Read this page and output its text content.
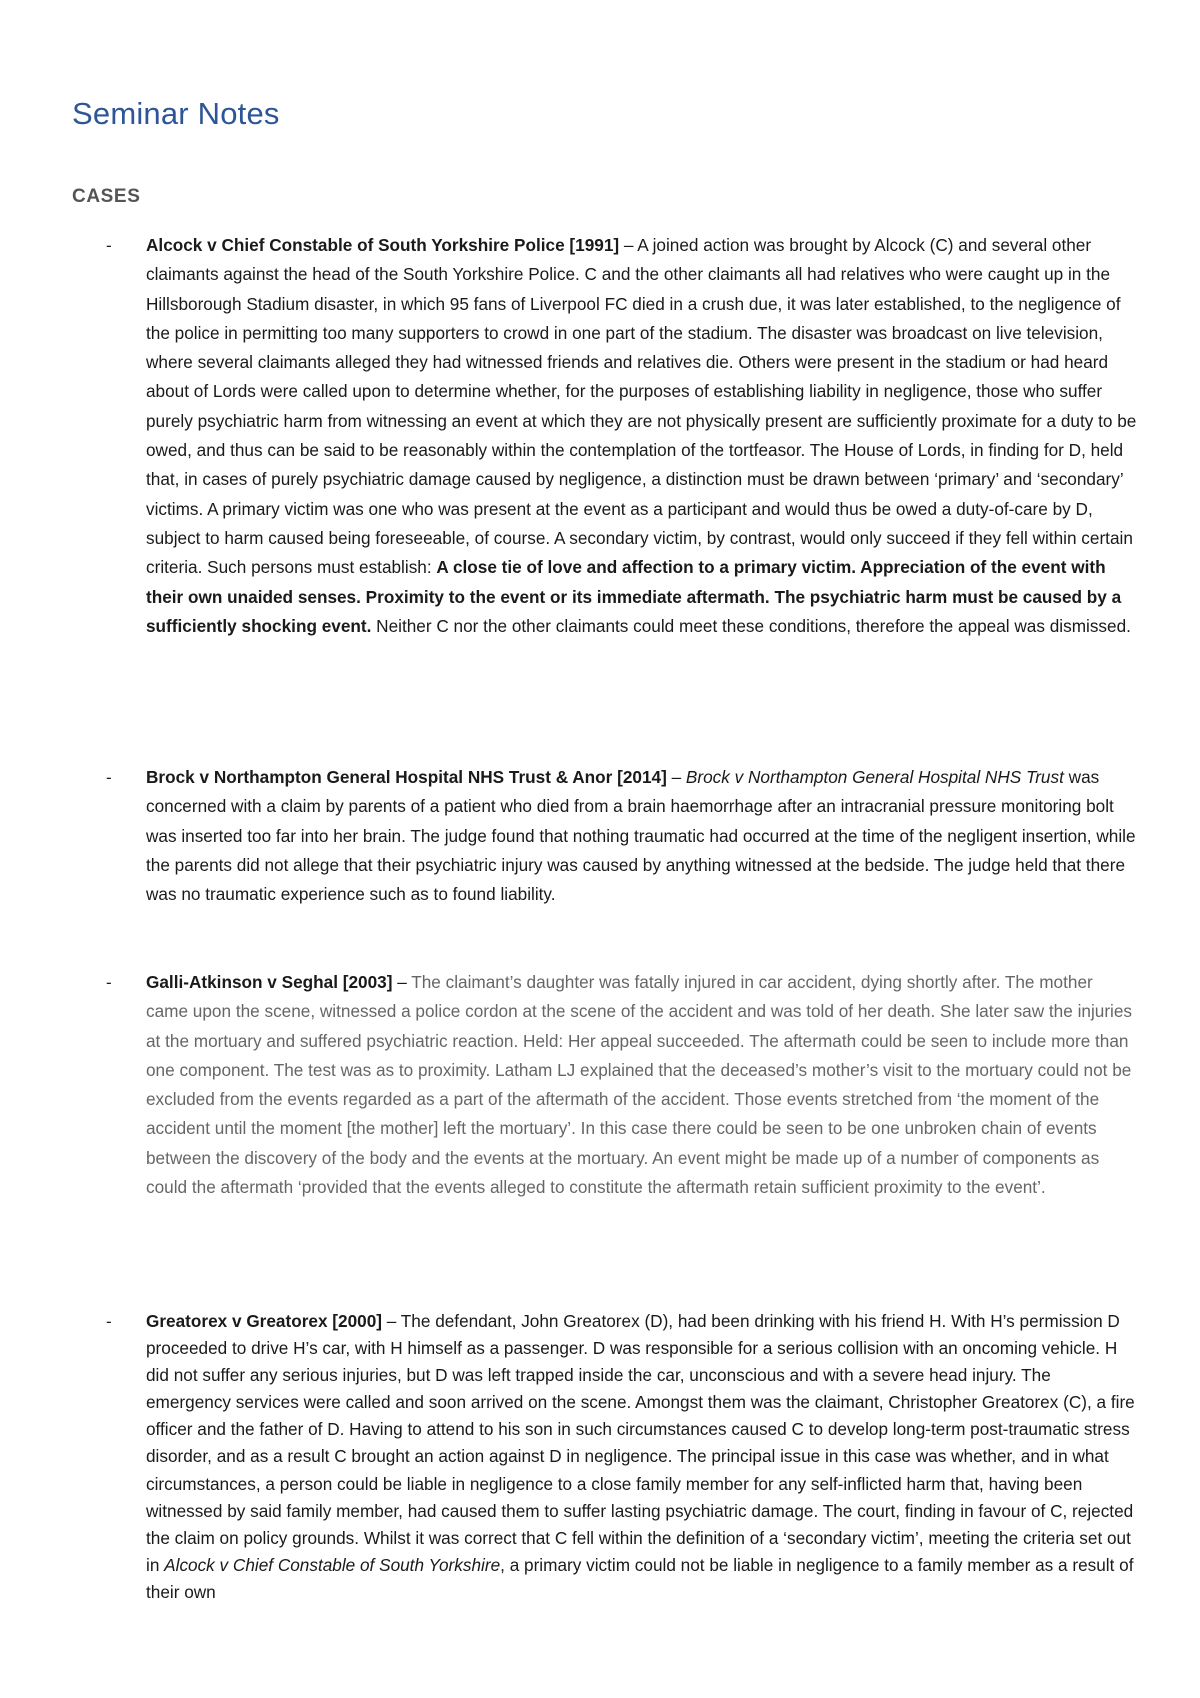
Seminar Notes
CASES
- Alcock v Chief Constable of South Yorkshire Police [1991] – A joined action was brought by Alcock (C) and several other claimants against the head of the South Yorkshire Police. C and the other claimants all had relatives who were caught up in the Hillsborough Stadium disaster, in which 95 fans of Liverpool FC died in a crush due, it was later established, to the negligence of the police in permitting too many supporters to crowd in one part of the stadium. The disaster was broadcast on live television, where several claimants alleged they had witnessed friends and relatives die. Others were present in the stadium or had heard about of Lords were called upon to determine whether, for the purposes of establishing liability in negligence, those who suffer purely psychiatric harm from witnessing an event at which they are not physically present are sufficiently proximate for a duty to be owed, and thus can be said to be reasonably within the contemplation of the tortfeasor. The House of Lords, in finding for D, held that, in cases of purely psychiatric damage caused by negligence, a distinction must be drawn between ‘primary’ and ‘secondary’ victims. A primary victim was one who was present at the event as a participant and would thus be owed a duty-of-care by D, subject to harm caused being foreseeable, of course. A secondary victim, by contrast, would only succeed if they fell within certain criteria. Such persons must establish: A close tie of love and affection to a primary victim. Appreciation of the event with their own unaided senses. Proximity to the event or its immediate aftermath. The psychiatric harm must be caused by a sufficiently shocking event. Neither C nor the other claimants could meet these conditions, therefore the appeal was dismissed.
- Brock v Northampton General Hospital NHS Trust & Anor [2014] – Brock v Northampton General Hospital NHS Trust was concerned with a claim by parents of a patient who died from a brain haemorrhage after an intracranial pressure monitoring bolt was inserted too far into her brain. The judge found that nothing traumatic had occurred at the time of the negligent insertion, while the parents did not allege that their psychiatric injury was caused by anything witnessed at the bedside. The judge held that there was no traumatic experience such as to found liability.
- Galli-Atkinson v Seghal [2003] – The claimant’s daughter was fatally injured in car accident, dying shortly after. The mother came upon the scene, witnessed a police cordon at the scene of the accident and was told of her death. She later saw the injuries at the mortuary and suffered psychiatric reaction. Held: Her appeal succeeded. The aftermath could be seen to include more than one component. The test was as to proximity. Latham LJ explained that the deceased’s mother’s visit to the mortuary could not be excluded from the events regarded as a part of the aftermath of the accident. Those events stretched from ‘the moment of the accident until the moment [the mother] left the mortuary’. In this case there could be seen to be one unbroken chain of events between the discovery of the body and the events at the mortuary. An event might be made up of a number of components as could the aftermath ‘provided that the events alleged to constitute the aftermath retain sufficient proximity to the event’.
- Greatorex v Greatorex [2000] – The defendant, John Greatorex (D), had been drinking with his friend H. With H’s permission D proceeded to drive H’s car, with H himself as a passenger. D was responsible for a serious collision with an oncoming vehicle. H did not suffer any serious injuries, but D was left trapped inside the car, unconscious and with a severe head injury. The emergency services were called and soon arrived on the scene. Amongst them was the claimant, Christopher Greatorex (C), a fire officer and the father of D. Having to attend to his son in such circumstances caused C to develop long-term post-traumatic stress disorder, and as a result C brought an action against D in negligence. The principal issue in this case was whether, and in what circumstances, a person could be liable in negligence to a close family member for any self-inflicted harm that, having been witnessed by said family member, had caused them to suffer lasting psychiatric damage. The court, finding in favour of C, rejected the claim on policy grounds. Whilst it was correct that C fell within the definition of a ‘secondary victim’, meeting the criteria set out in Alcock v Chief Constable of South Yorkshire, a primary victim could not be liable in negligence to a family member as a result of their own
